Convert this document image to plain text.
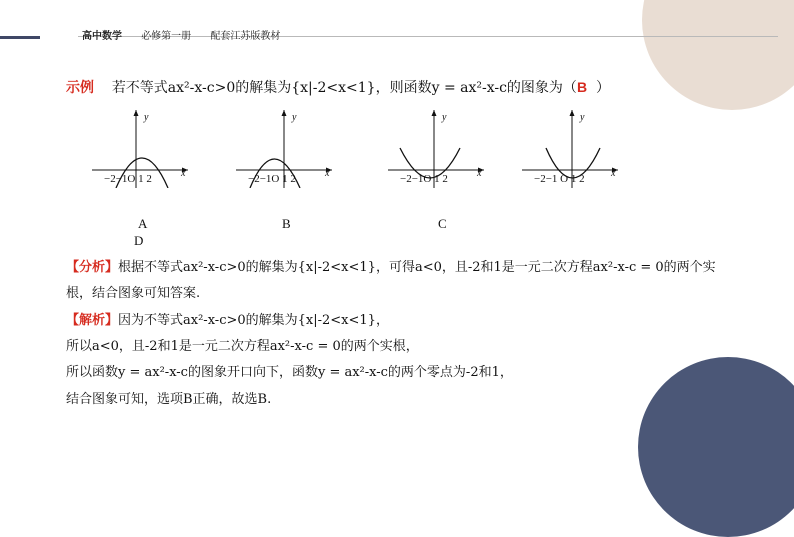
高中数学 必修第一册 配套江苏版教材
示例 若不等式ax²-x-c>0的解集为{x|-2<x<1}，则函数y = ax²-x-c的图象为（B ）
y
x
−2−1O 1 2
y
x
−2−1O 1 2
y
x
−2−1O 1 2
y
x
−2−1 O 1 2
A	B	C
D
【分析】根据不等式ax²-x-c>0的解集为{x|-2<x<1}，可得a<0，且-2和1是一元二次方程ax²-x-c = 0的两个实
根，结合图象可知答案.
【解析】因为不等式ax²-x-c>0的解集为{x|-2<x<1}，
所以a<0，且-2和1是一元二次方程ax²-x-c = 0的两个实根，
所以函数y = ax²-x-c的图象开口向下，函数y = ax²-x-c的两个零点为-2和1，
结合图象可知，选项B正确，故选B.
